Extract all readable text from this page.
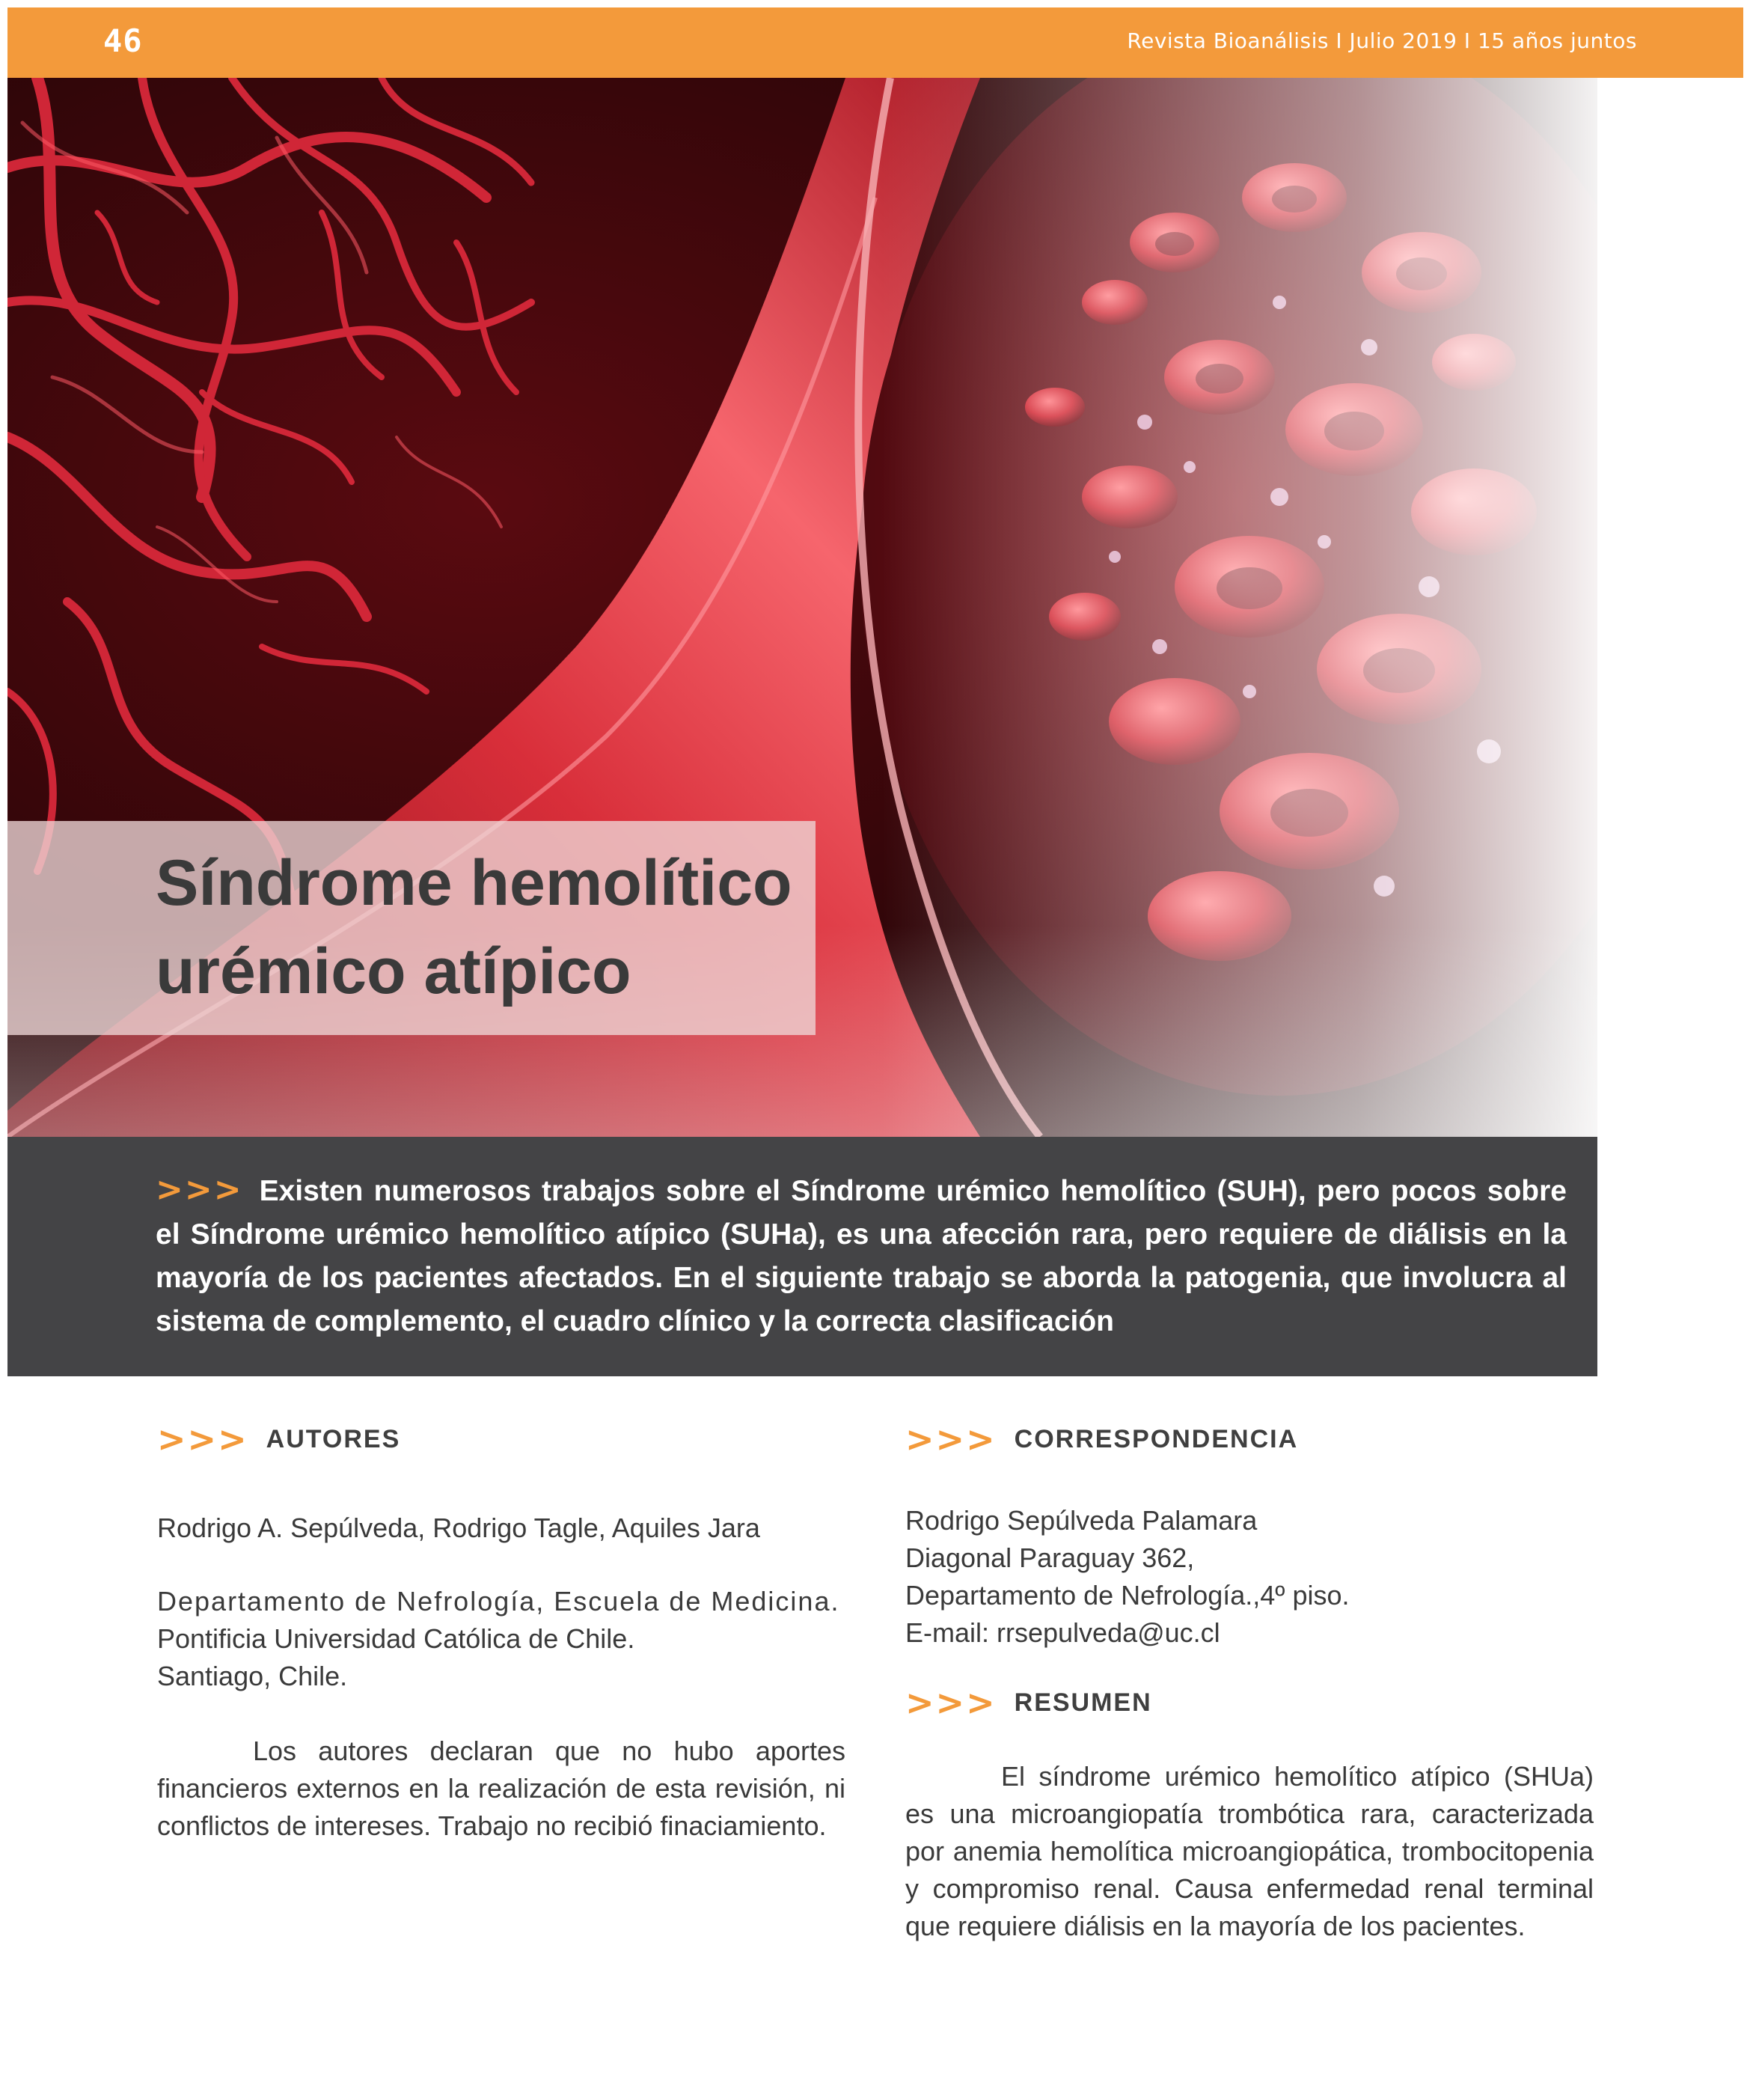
46	Revista Bioanálisis I Julio 2019 I 15 años juntos
Síndrome hemolítico
urémico atípico

>>> Existen numerosos trabajos sobre el Síndrome urémico hemolítico (SUH), pero pocos sobre el Síndrome urémico hemolítico atípico (SUHa), es una afección rara, pero requiere de diálisis en la mayoría de los pacientes afectados. En el siguiente trabajo se aborda la patogenia, que involucra al sistema de complemento, el cuadro clínico y la correcta clasificación

>>> AUTORES

Rodrigo A. Sepúlveda, Rodrigo Tagle, Aquiles Jara

Departamento de Nefrología, Escuela de Medicina.

Pontificia Universidad Católica de Chile.

Santiago, Chile.

Los autores declaran que no hubo aportes financieros externos en la realización de esta revisión, ni conflictos de intereses. Trabajo no recibió finaciamiento.

>>> CORRESPONDENCIA

Rodrigo Sepúlveda Palamara

Diagonal Paraguay 362,

Departamento de Nefrología.,4º piso.

E-mail: rrsepulveda@uc.cl

>>> RESUMEN

El síndrome urémico hemolítico atípico (SHUa) es una microangiopatía trombótica rara, caracterizada por anemia hemolítica microangiopática, trombocitopenia y compromiso renal. Causa enfermedad renal terminal que requiere diálisis en la mayoría de los pacientes.
